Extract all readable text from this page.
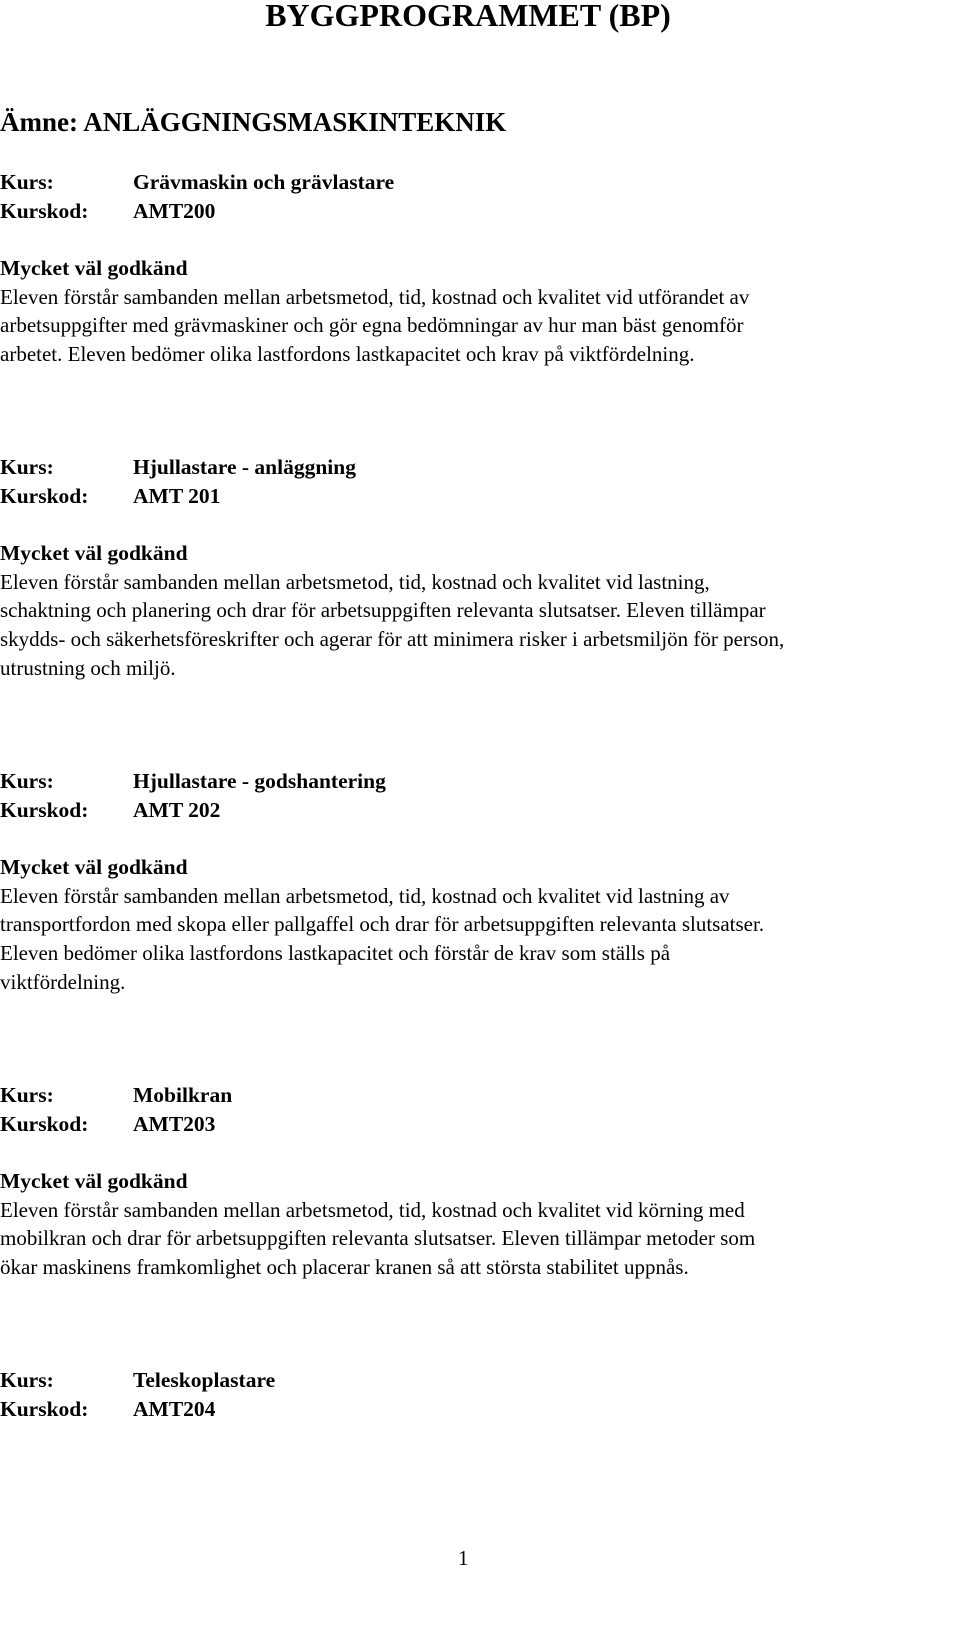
BYGGPROGRAMMET (BP)
Ämne: ANLÄGGNINGSMASKINTEKNIK
Kurs:	Grävmaskin och grävlastare
Kurskod: AMT200
Mycket väl godkänd
Eleven förstår sambanden mellan arbetsmetod, tid, kostnad och kvalitet vid utförandet av
arbetsuppgifter med grävmaskiner och gör egna bedömningar av hur man bäst genomför
arbetet. Eleven bedömer olika lastfordons lastkapacitet och krav på viktfördelning.
Kurs:	Hjullastare - anläggning
Kurskod: AMT 201
Mycket väl godkänd
Eleven förstår sambanden mellan arbetsmetod, tid, kostnad och kvalitet vid lastning,
schaktning och planering och drar för arbetsuppgiften relevanta slutsatser. Eleven tillämpar
skydds- och säkerhetsföreskrifter och agerar för att minimera risker i arbetsmiljön för person,
utrustning och miljö.
Kurs:	Hjullastare - godshantering
Kurskod: AMT 202
Mycket väl godkänd
Eleven förstår sambanden mellan arbetsmetod, tid, kostnad och kvalitet vid lastning av
transportfordon med skopa eller pallgaffel och drar för arbetsuppgiften relevanta slutsatser.
Eleven bedömer olika lastfordons lastkapacitet och förstår de krav som ställs på
viktfördelning.
Kurs:	Mobilkran
Kurskod: AMT203
Mycket väl godkänd
Eleven förstår sambanden mellan arbetsmetod, tid, kostnad och kvalitet vid körning med
mobilkran och drar för arbetsuppgiften relevanta slutsatser. Eleven tillämpar metoder som
ökar maskinens framkomlighet och placerar kranen så att största stabilitet uppnås.
Kurs:	Teleskoplastare
Kurskod: AMT204
1
